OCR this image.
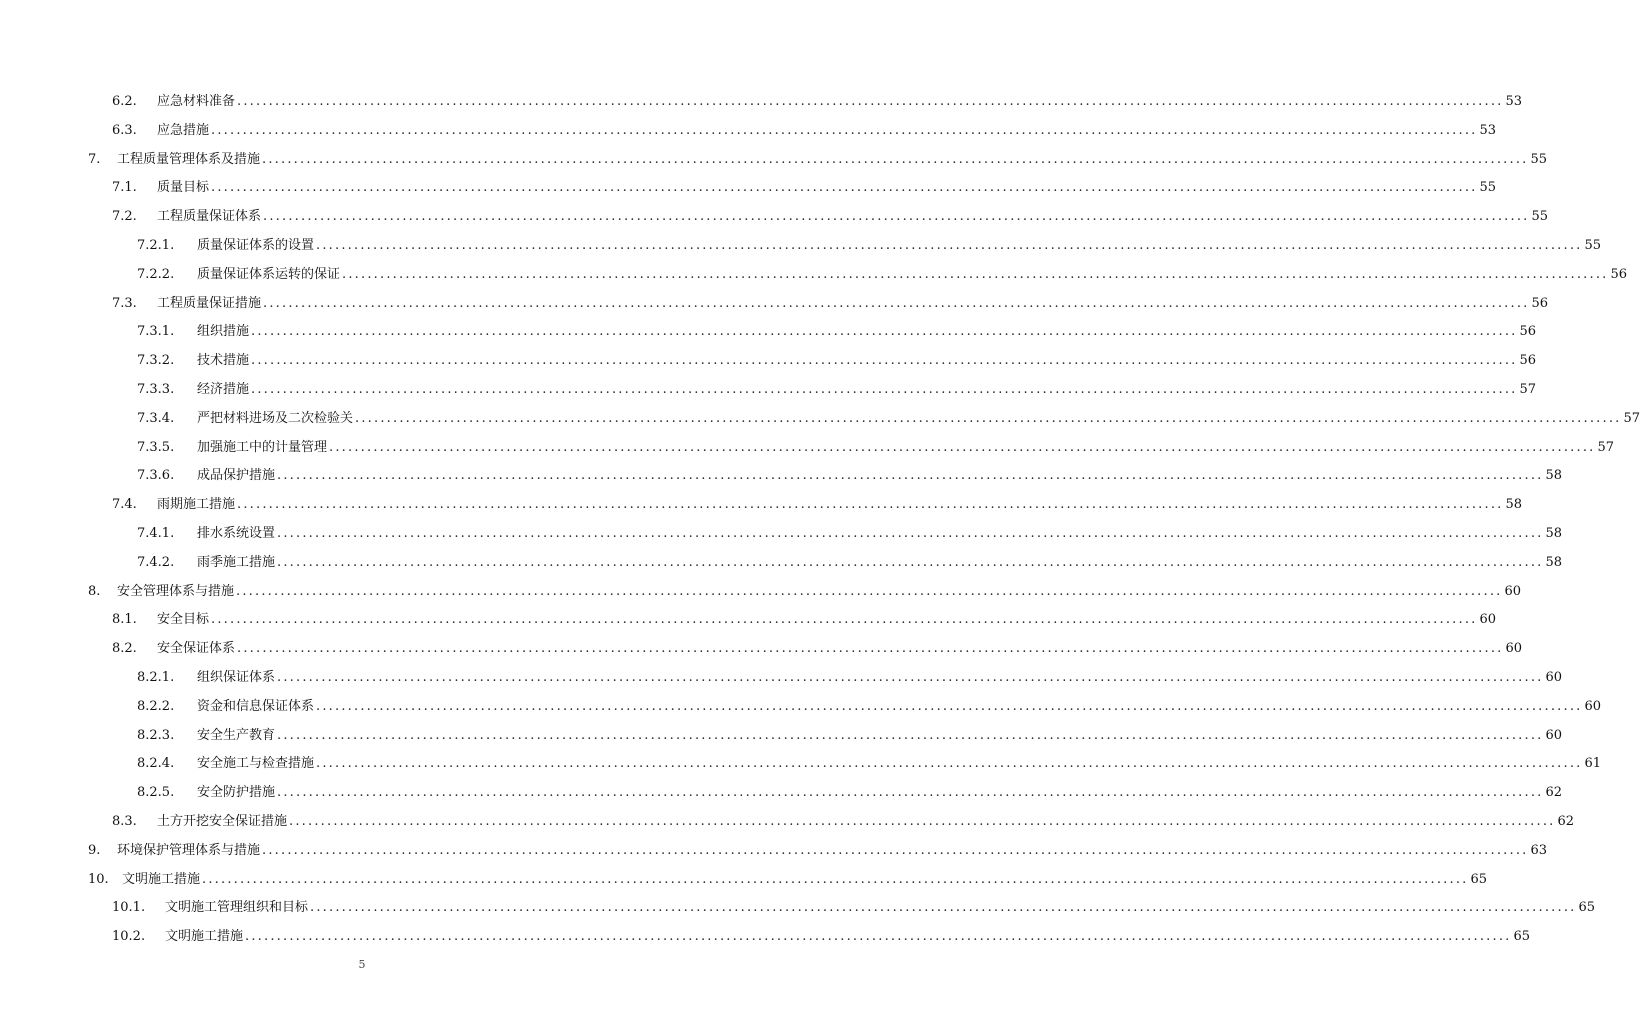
6.2.	应急材料准备 ........................................................................................................................................................................................................ 53
6.3.	应急措施 ........................................................................................................................................................................................................ 53
7.	工程质量管理体系及措施 ........................................................................................................................................................................................................ 55
7.1.	质量目标 ........................................................................................................................................................................................................ 55
7.2.	工程质量保证体系 ........................................................................................................................................................................................................ 55
7.2.1.	质量保证体系的设置 ........................................................................................................................................................................................................ 55
7.2.2.	质量保证体系运转的保证 ........................................................................................................................................................................................................ 56
7.3.	工程质量保证措施 ........................................................................................................................................................................................................ 56
7.3.1.	组织措施 ........................................................................................................................................................................................................ 56
7.3.2.	技术措施 ........................................................................................................................................................................................................ 56
7.3.3.	经济措施 ........................................................................................................................................................................................................ 57
7.3.4.	严把材料进场及二次检验关 ........................................................................................................................................................................................................ 57
7.3.5.	加强施工中的计量管理 ........................................................................................................................................................................................................ 57
7.3.6.	成品保护措施 ........................................................................................................................................................................................................ 58
7.4.	雨期施工措施 ........................................................................................................................................................................................................ 58
7.4.1.	排水系统设置 ........................................................................................................................................................................................................ 58
7.4.2.	雨季施工措施 ........................................................................................................................................................................................................ 58
8.	安全管理体系与措施 ........................................................................................................................................................................................................ 60
8.1.	安全目标 ........................................................................................................................................................................................................ 60
8.2.	安全保证体系 ........................................................................................................................................................................................................ 60
8.2.1.	组织保证体系 ........................................................................................................................................................................................................ 60
8.2.2.	资金和信息保证体系 ........................................................................................................................................................................................................ 60
8.2.3.	安全生产教育 ........................................................................................................................................................................................................ 60
8.2.4.	安全施工与检查措施 ........................................................................................................................................................................................................ 61
8.2.5.	安全防护措施 ........................................................................................................................................................................................................ 62
8.3.	土方开挖安全保证措施 ........................................................................................................................................................................................................ 62
9.	环境保护管理体系与措施 ........................................................................................................................................................................................................ 63
10.	文明施工措施 ........................................................................................................................................................................................................ 65
10.1.	文明施工管理组织和目标 ........................................................................................................................................................................................................ 65
10.2.	文明施工措施 ........................................................................................................................................................................................................ 65
5
